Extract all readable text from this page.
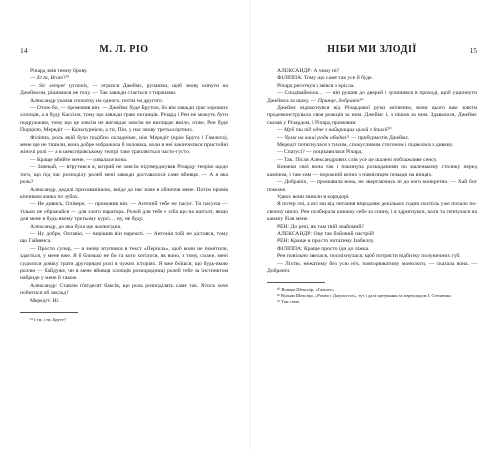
14	М. Л. РІО

Річард звів темну брову.

— Et tu, Brute?¹⁹

— Sic semper tyrannis, — огризся Джеймс, ручаючи, щоб знову кинути на Джеймсом, рішимися не голу. — Так завжди стається з тиранами.

Александр указав спочатку на одного, потім на другого.

— Отож-бо, — промовив він. — Джеймс буде Брутом, бо він завжди грає хороших хлопців, а я буду Кассієм, тому що завжди граю поганців. Річард і Рен не можуть бути подружжям, тому що це зовсім не виглядає зовсім не виглядає вміло, отже, Рен буде Порцією, Мередіт — Кальпурнією, а ти, Пін, у нас знову третьосортних.

Філіппа, роль якій було подібно складніше, ніж Мередіт (крім Брута і Гамлета), мене ще не тішили, вона добре зображала б чоловіка, коли в неї закінчилися пристойні жіночі ролі — а в шекспірівському театрі таке трапляється часто-густо.

— Краще вбийте мене, — озвалася вона.

— Зачекай, — втрутився я, котрий не зовсім підтверджував Річарду теорію щодо того, що під час розподілу ролей мені завжди доставалося саме вбивця. — А я яка роль?

Александр, дедалі прихованішою, виїде до нас наче в обличчя мене. Потім провів кінчиком язика по зубах.

— Не дивись, Олівере, — промовив він. — Антоній тебе не пасує. Ти пасуєш — тільки не ображайся — для злого наратора. Ролей для тебе є хіба що на кшталт, якщо для мене в будь-якому третьому курсі… ну, не буду.

Александр, до яка була ще жалюгідна.

— Ну добре, Октавіо, — вирішив він нарешті. — Антонія тобі не дістався, тому що Гайвенса.

— Просто супер, — я знову втупився в текст «Перікла», щоб вони не помітили, здається, у мене вже. Я б близько не би та кого хотілося, як воно, з тому, схоже, мені судилося довіку грати другорядні ролі в чужих історіях. Я вже боїшся, що будь-якою роллю — байдуже, чи в мене вбивця хлопців розпорядниці ролей тебе за інстинктом набриде у мене й також.

Александр: Ставлю п'ятдесят баксів, що роль розподілять саме так. Хтось хоче побитися об заклад?

Мередіт: Ні.

¹⁹ І ти, і ти, Бруте?

НІБИ МИ ЗЛОДІЇ	15

АЛЕКСАНДР: А чому ні?

ФІЛІППА: Тому що саме так усе й буде.

Річард реготнув і звівся з крісла.

— Сподіваймося… — він рушив до дверей і зупинився в проході, щоб ущипнути Джеймса за щоку. — Принце, добраніч²⁰

Джеймс відмахнувся від Річардової руки зніченим, вони цього вже зовсім продемонструвала своя реакція за ним. Джеймс і, з пішов за ним. Здавалося, Джеймс сказав у Річардом, і Річард промовив:

— Мрії ти під одне з найкращих цілей з Італії²⁰

— Чума на ваші роди обидва²¹ — пробурмотів Джеймс.

Мередіт потягнулася з тихим, спокусливим стогоном і підвелася з дивану.

— Спатусі? — поцікавилася Річард.

— Так. Після Александрових слів усе це шалені поблажливе сенсу.

Книжки свої вона так і покинула розкиданими по маленькому столику перед каміном, і там-сям — порожній келих з півмісяцем помади на вінцях.

— Добраніч, — промовила вона, не звертаючись ні до кого конкретно. — Хай бог поможе.

Удвох вони зникли в коридорі.

Я потер очі, а всі ми від читання впродовж декількох годин поспіль уже почало по-своєму шило. Рен позбирала книжку себе за спину, і я здригнувся, коли та гепнулася на канапу біля мене.

РЕН: До речі, як там твій знайомий?

АЛЕКСАНДР: Оце так бойовий настрій!

РЕН: Краще в просто читатиму Ізабеллу.

ФІЛІППА: Краще просто їди до ліжка.

Рен повільно звелася, посміхнулася, щоб потрясти відбитку полуничних губ.

— Ліхтю, нежатиму без усю ніч, повторюватиму монологи, — сказала вона. — Добраніч.

²⁰ Вільям Шекспір, «Гамлет».

²¹ Вільям Шекспір, «Ромео і Джульєтта», тут і далі цитування за перекладом І. Стешенко.

²² Там само.
